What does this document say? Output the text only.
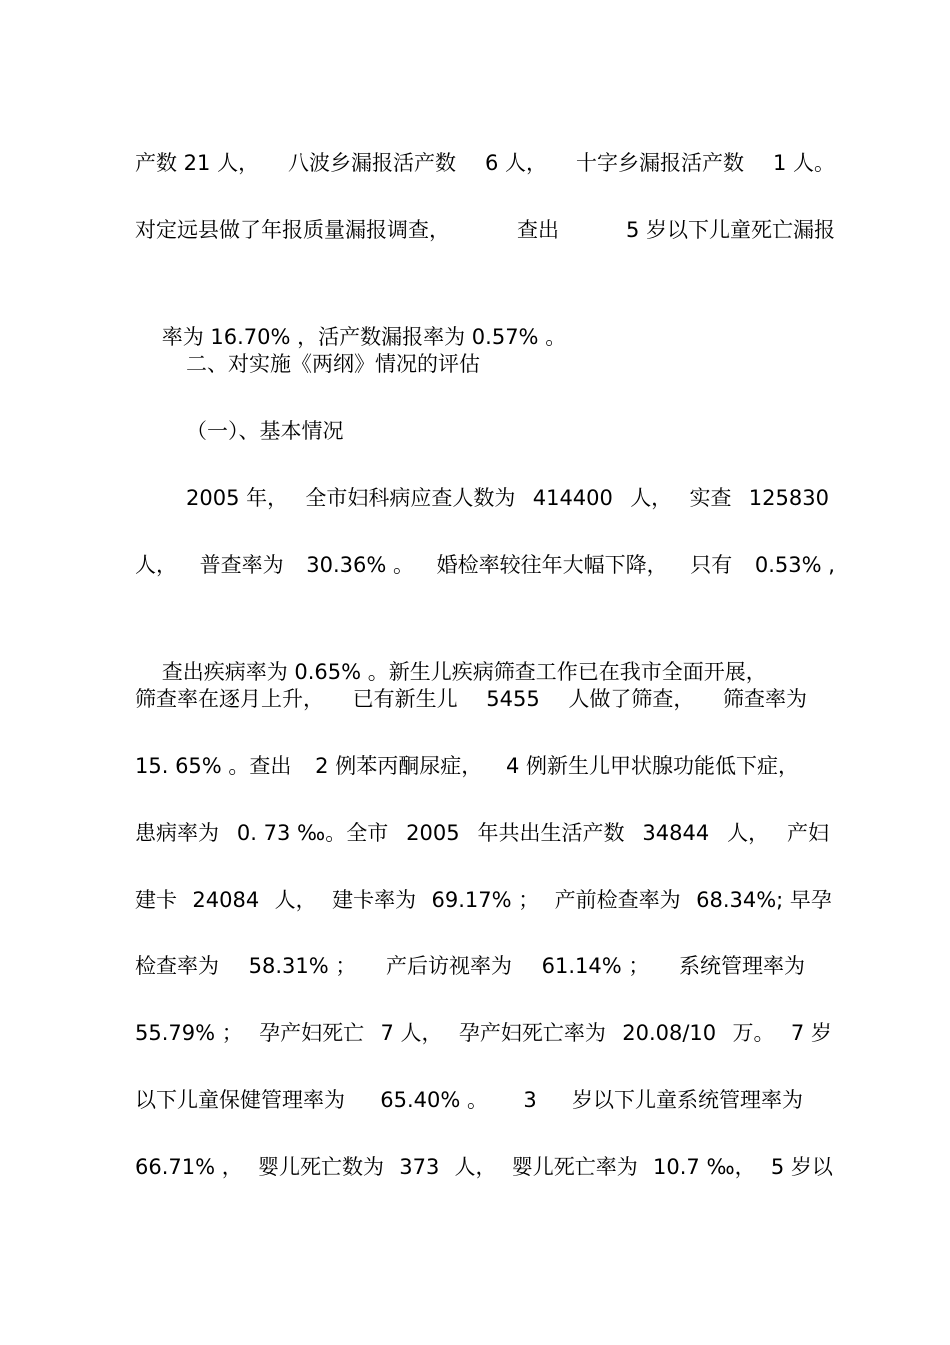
产数 21 人， 八波乡漏报活产数 6 人， 十字乡漏报活产数 1 人。
对定远县做了年报质量漏报调查，	查出	5 岁以下儿童死亡漏报

率为 16.70% ，活产数漏报率为 0.57% 。

二、对实施《两纲》情况的评估
（一）、基本情况
2005 年， 全市妇科病应查人数为 414400 人， 实查 125830
人， 普查率为 30.36% 。 婚检率较往年大幅下降， 只有 0.53% ,

查出疾病率为 0.65% 。新生儿疾病筛查工作已在我市全面开展，

筛查率在逐月上升， 已有新生儿 5455 人做了筛查， 筛查率为
15. 65% 。查出 2 例苯丙酮尿症， 4 例新生儿甲状腺功能低下症，
患病率为 0. 73 ‰。全市 2005 年共出生活产数 34844 人， 产妇
建卡 24084 人， 建卡率为 69.17% ； 产前检查率为 68.34%; 早孕
检查率为 58.31% ； 产后访视率为 61.14% ； 系统管理率为
55.79% ； 孕产妇死亡 7 人， 孕产妇死亡率为 20.08/10 万。 7 岁
以下儿童保健管理率为 65.40% 。 3 岁以下儿童系统管理率为
66.71% ， 婴儿死亡数为 373 人， 婴儿死亡率为 10.7 ‰， 5 岁以
